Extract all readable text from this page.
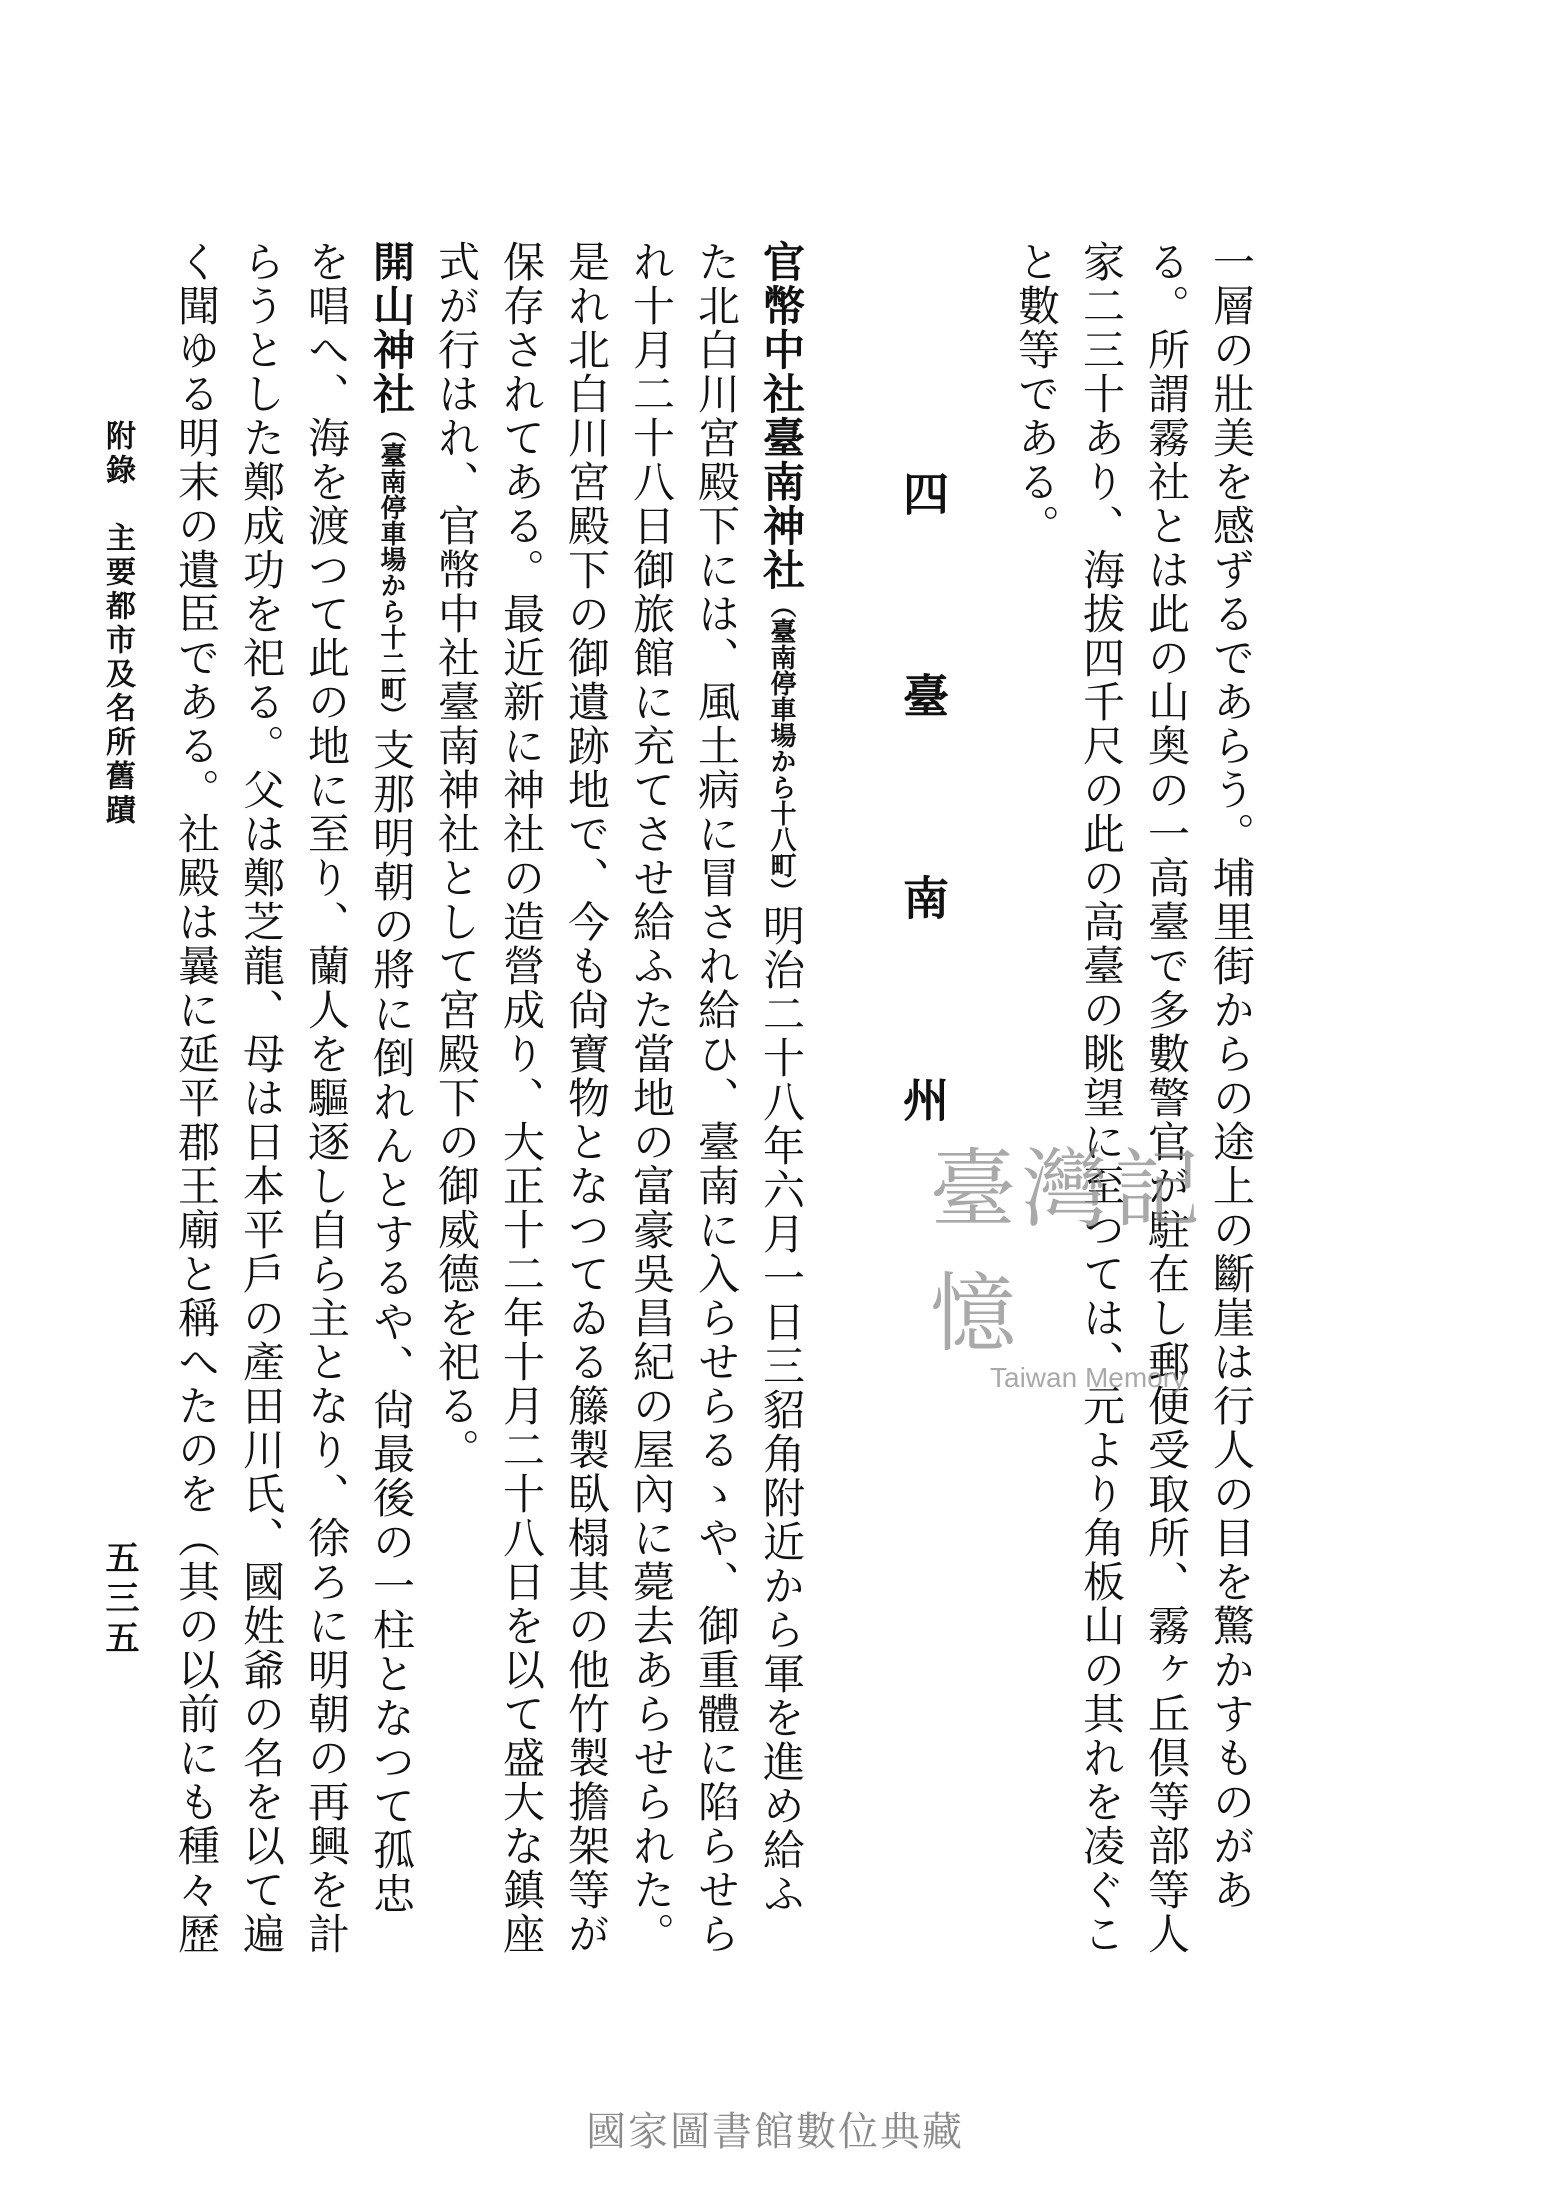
一層の壯美を感ずるであらう。埔里街からの途上の斷崖は行人の目を驚かすものがあ
る。所謂霧社とは此の山奥の一高臺で多數警官が駐在し郵便受取所、霧ヶ丘倶等部等人
家二三十あり、海拔四千尺の此の高臺の眺望に至つては、元より角板山の其れを凌ぐこ
と數等である。
四 臺 南 州
官幣中社臺南神社（臺南停車場から十八町）明治二十八年六月一日三貂角附近から軍を進め給ふ
た北白川宮殿下には、風土病に冒され給ひ、臺南に入らせらるゝや、御重體に陷らせら
れ十月二十八日御旅館に充てさせ給ふた當地の富豪吳昌紀の屋內に薨去あらせられた。
是れ北白川宮殿下の御遺跡地で、今も尙寶物となつてゐる籐製臥榻其の他竹製擔架等が
保存されてある。最近新に神社の造營成り、大正十二年十月二十八日を以て盛大な鎮座
式が行はれ、官幣中社臺南神社として宮殿下の御威德を祀る。
開山神社（臺南停車場から十二町）支那明朝の將に倒れんとするや、尙最後の一柱となつて孤忠
を唱へ、海を渡つて此の地に至り、蘭人を驅逐し自ら主となり、徐ろに明朝の再興を計
らうとした鄭成功を祀る。父は鄭芝龍、母は日本平戶の產田川氏、國姓爺の名を以て遍
く聞ゆる明末の遺臣である。社殿は曩に延平郡王廟と稱へたのを（其の以前にも種々歷
附錄　主要都市及名所舊蹟
五三五
臺灣記憶
Taiwan Memory
國家圖書館數位典藏
